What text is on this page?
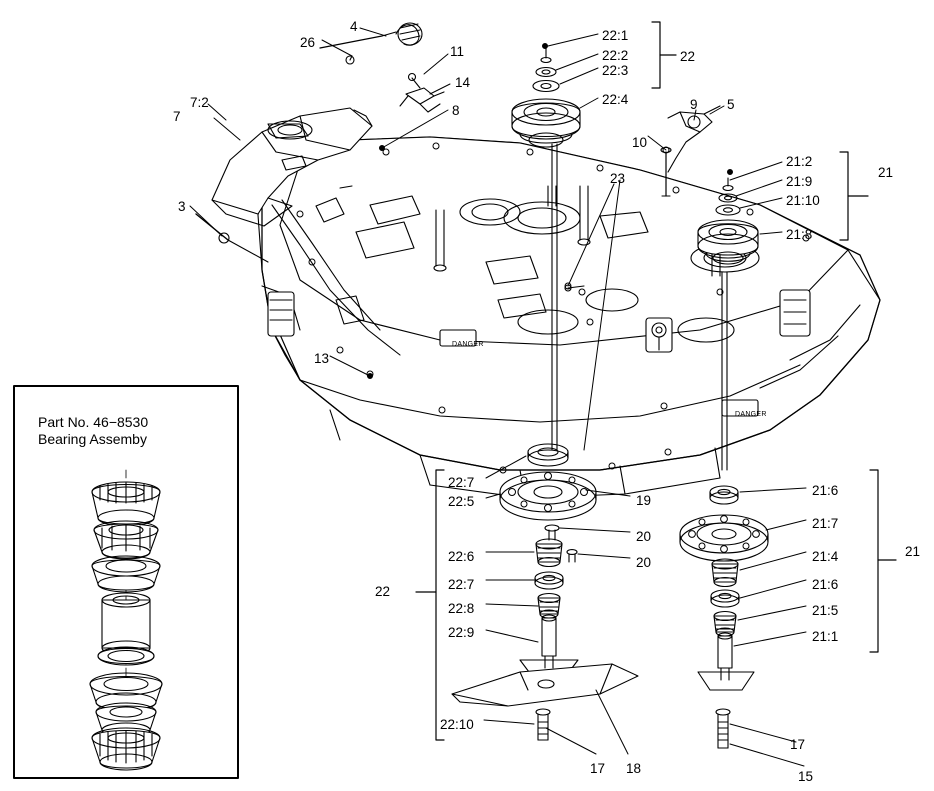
Part No. 46−8530
Bearing Assemby
26
4
11
14
7:2
7	8
3
13
22:1
22:2
22:3
22:4
22
9 5
10
23
21:2
21:9
21:10
21:8
21
22:7
22:5	19
20
20
22:6
22:7
22:8
22:9
22
22:10
17 18
21:6
21:7
21:4
21:6
21:5
21:1
21
17
15
DANGER
DANGER
